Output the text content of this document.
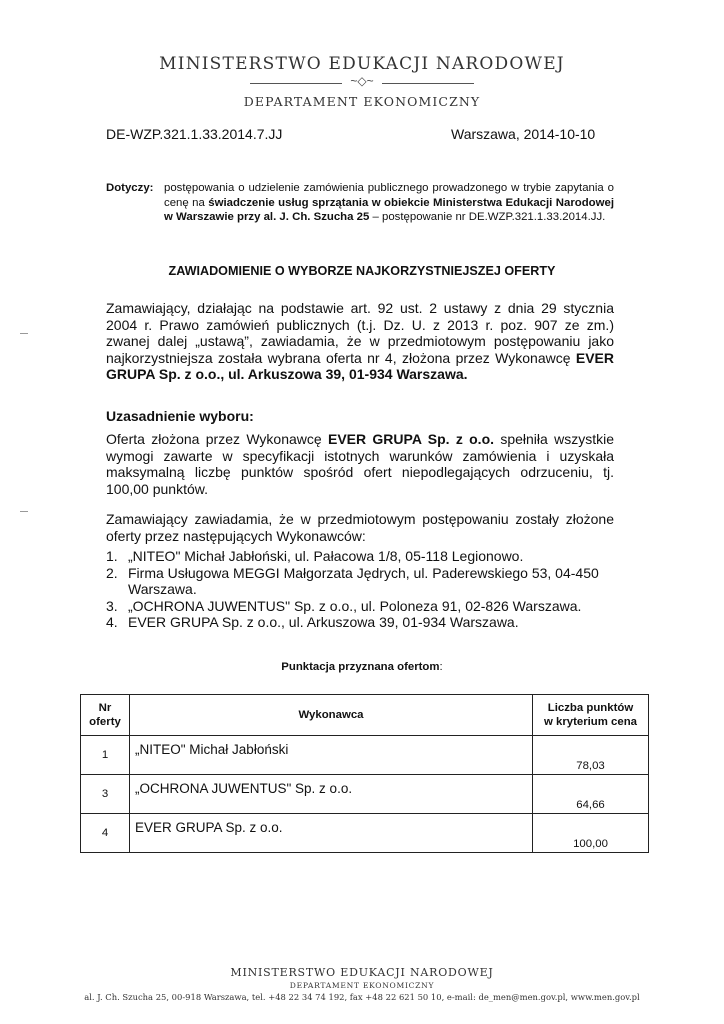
MINISTERSTWO EDUKACJI NARODOWEJ
~◇~
DEPARTAMENT EKONOMICZNY
DE-WZP.321.1.33.2014.7.JJ	Warszawa, 2014-10-10
Dotyczy: postępowania o udzielenie zamówienia publicznego prowadzonego w trybie zapytania o cenę na świadczenie usług sprzątania w obiekcie Ministerstwa Edukacji Narodowej w Warszawie przy al. J. Ch. Szucha 25 – postępowanie nr DE.WZP.321.1.33.2014.JJ.
ZAWIADOMIENIE O WYBORZE NAJKORZYSTNIEJSZEJ OFERTY
Zamawiający, działając na podstawie art. 92 ust. 2 ustawy z dnia 29 stycznia 2004 r. Prawo zamówień publicznych (t.j. Dz. U. z 2013 r. poz. 907 ze zm.) zwanej dalej „ustawą”, zawiadamia, że w przedmiotowym postępowaniu jako najkorzystniejsza została wybrana oferta nr 4, złożona przez Wykonawcę EVER GRUPA Sp. z o.o., ul. Arkuszowa 39, 01-934 Warszawa.
Uzasadnienie wyboru:
Oferta złożona przez Wykonawcę EVER GRUPA Sp. z o.o. spełniła wszystkie wymogi zawarte w specyfikacji istotnych warunków zamówienia i uzyskała maksymalną liczbę punktów spośród ofert niepodlegających odrzuceniu, tj. 100,00 punktów.
Zamawiający zawiadamia, że w przedmiotowym postępowaniu zostały złożone oferty przez następujących Wykonawców:
1. „NITEO" Michał Jabłoński, ul. Pałacowa 1/8, 05-118 Legionowo.
2. Firma Usługowa MEGGI Małgorzata Jędrych, ul. Paderewskiego 53, 04-450 Warszawa.
3. „OCHRONA JUWENTUS" Sp. z o.o., ul. Poloneza 91, 02-826 Warszawa.
4. EVER GRUPA Sp. z o.o., ul. Arkuszowa 39, 01-934 Warszawa.
Punktacja przyznana ofertom:
Nr
oferty	Wykonawca	Liczba punktów
w kryterium cena
1	„NITEO" Michał Jabłoński	78,03
3	„OCHRONA JUWENTUS" Sp. z o.o.	64,66
4	EVER GRUPA Sp. z o.o.	100,00
MINISTERSTWO EDUKACJI NARODOWEJ
DEPARTAMENT EKONOMICZNY
al. J. Ch. Szucha 25, 00-918 Warszawa, tel. +48 22 34 74 192, fax +48 22 621 50 10, e-mail: de_men@men.gov.pl, www.men.gov.pl
